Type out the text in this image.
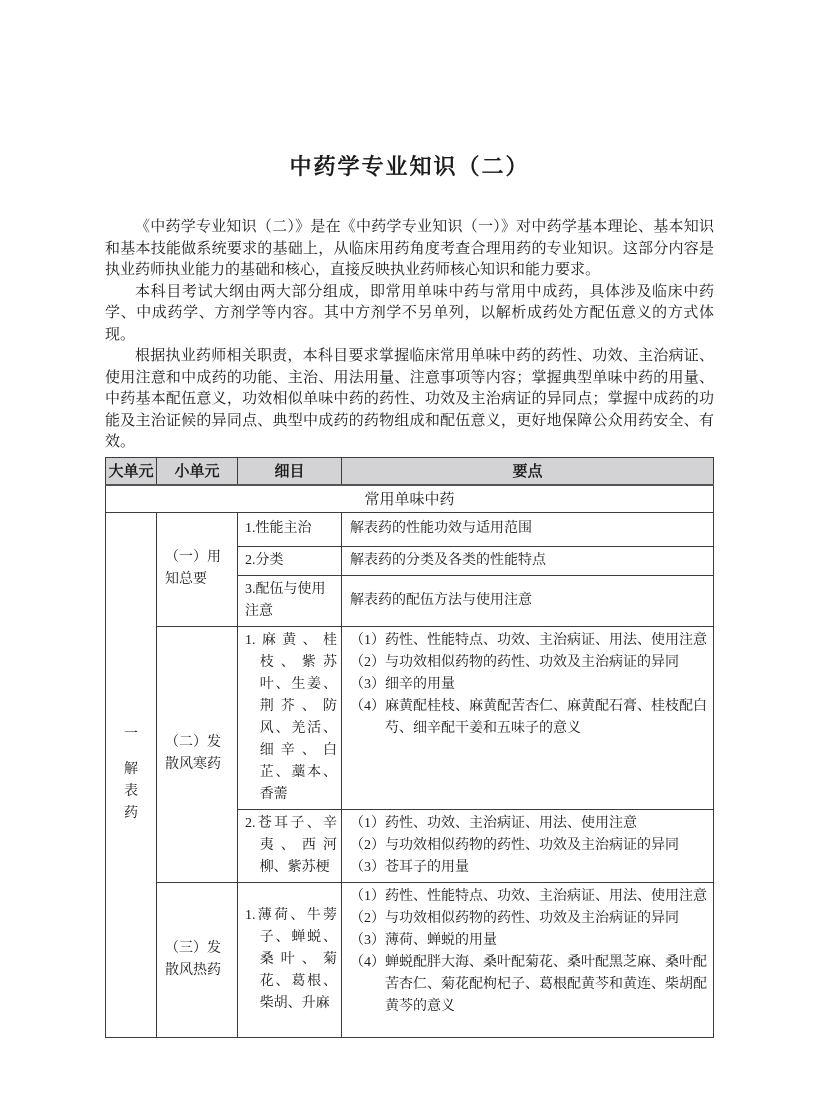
中药学专业知识（二）

《中药学专业知识（二）》是在《中药学专业知识（一）》对中药学基本理论、基本知识和基本技能做系统要求的基础上，从临床用药角度考查合理用药的专业知识。这部分内容是执业药师执业能力的基础和核心，直接反映执业药师核心知识和能力要求。

本科目考试大纲由两大部分组成，即常用单味中药与常用中成药，具体涉及临床中药学、中成药学、方剂学等内容。其中方剂学不另单列，以解析成药处方配伍意义的方式体现。

根据执业药师相关职责，本科目要求掌握临床常用单味中药的药性、功效、主治病证、使用注意和中成药的功能、主治、用法用量、注意事项等内容；掌握典型单味中药的用量、中药基本配伍意义，功效相似单味中药的药性、功效及主治病证的异同点；掌握中成药的功能及主治证候的异同点、典型中成药的药物组成和配伍意义，更好地保障公众用药安全、有效。

大单元	小单元	细目	要点
常用单味中药			

一
解
表
药	（一）用知总要	1.性能主治	解表药的性能功效与适用范围
		2.分类	解表药的分类及各类的性能特点
		3.配伍与使用注意	解表药的配伍方法与使用注意
	（二）发散风寒药	1.麻黄、桂枝、紫苏叶、生姜、荆芥、防风、羌活、细辛、白芷、藁本、香薷	（1）药性、性能特点、功效、主治病证、用法、使用注意
（2）与功效相似药物的药性、功效及主治病证的异同
（3）细辛的用量
（4）麻黄配桂枝、麻黄配苦杏仁、麻黄配石膏、桂枝配白芍、细辛配干姜和五味子的意义

		2.苍耳子、辛夷、西河柳、紫苏梗	（1）药性、功效、主治病证、用法、使用注意
（2）与功效相似药物的药性、功效及主治病证的异同
（3）苍耳子的用量

	（三）发散风热药	1.薄荷、牛蒡子、蝉蜕、桑叶、菊花、葛根、柴胡、升麻	（1）药性、性能特点、功效、主治病证、用法、使用注意
（2）与功效相似药物的药性、功效及主治病证的异同
（3）薄荷、蝉蜕的用量
（4）蝉蜕配胖大海、桑叶配菊花、桑叶配黑芝麻、桑叶配苦杏仁、菊花配枸杞子、葛根配黄芩和黄连、柴胡配黄芩的意义
